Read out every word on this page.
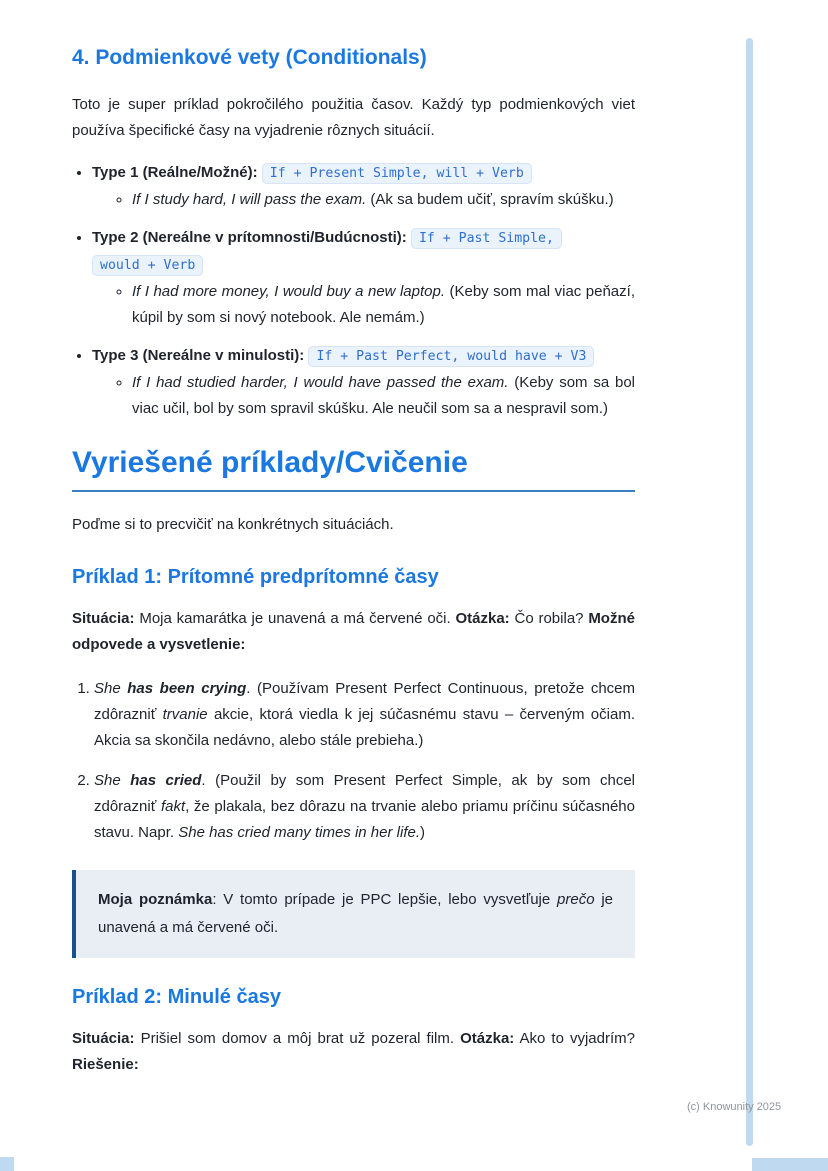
4. Podmienkové vety (Conditionals)

Toto je super príklad pokročilého použitia časov. Každý typ podmienkových viet používa špecifické časy na vyjadrenie rôznych situácií.

• Type 1 (Reálne/Možné): If + Present Simple, will + Verb
◦ If I study hard, I will pass the exam. (Ak sa budem učiť, spravím skúšku.)
• Type 2 (Nereálne v prítomnosti/Budúcnosti): If + Past Simple,
would + Verb
◦ If I had more money, I would buy a new laptop. (Keby som mal viac peňazí, kúpil by som si nový notebook. Ale nemám.)
• Type 3 (Nereálne v minulosti): If + Past Perfect, would have + V3
◦ If I had studied harder, I would have passed the exam. (Keby som sa bol viac učil, bol by som spravil skúšku. Ale neučil som sa a nespravil som.)
Vyriešené príklady/Cvičenie

Poďme si to precvičiť na konkrétnych situáciách.

Príklad 1: Prítomné predprítomné časy

Situácia: Moja kamarátka je unavená a má červené oči. Otázka: Čo robila? Možné odpovede a vysvetlenie:

1. She has been crying. (Používam Present Perfect Continuous, pretože chcem zdôrazniť trvanie akcie, ktorá viedla k jej súčasnému stavu – červeným očiam. Akcia sa skončila nedávno, alebo stále prebieha.)
2. She has cried. (Použil by som Present Perfect Simple, ak by som chcel zdôrazniť fakt, že plakala, bez dôrazu na trvanie alebo priamu príčinu súčasného stavu. Napr. She has cried many times in her life.)
Moja poznámka: V tomto prípade je PPC lepšie, lebo vysvetľuje prečo je unavená a má červené oči.
Príklad 2: Minulé časy

Situácia: Prišiel som domov a môj brat už pozeral film. Otázka: Ako to vyjadrím? Riešenie:

(c) Knowunity 2025
